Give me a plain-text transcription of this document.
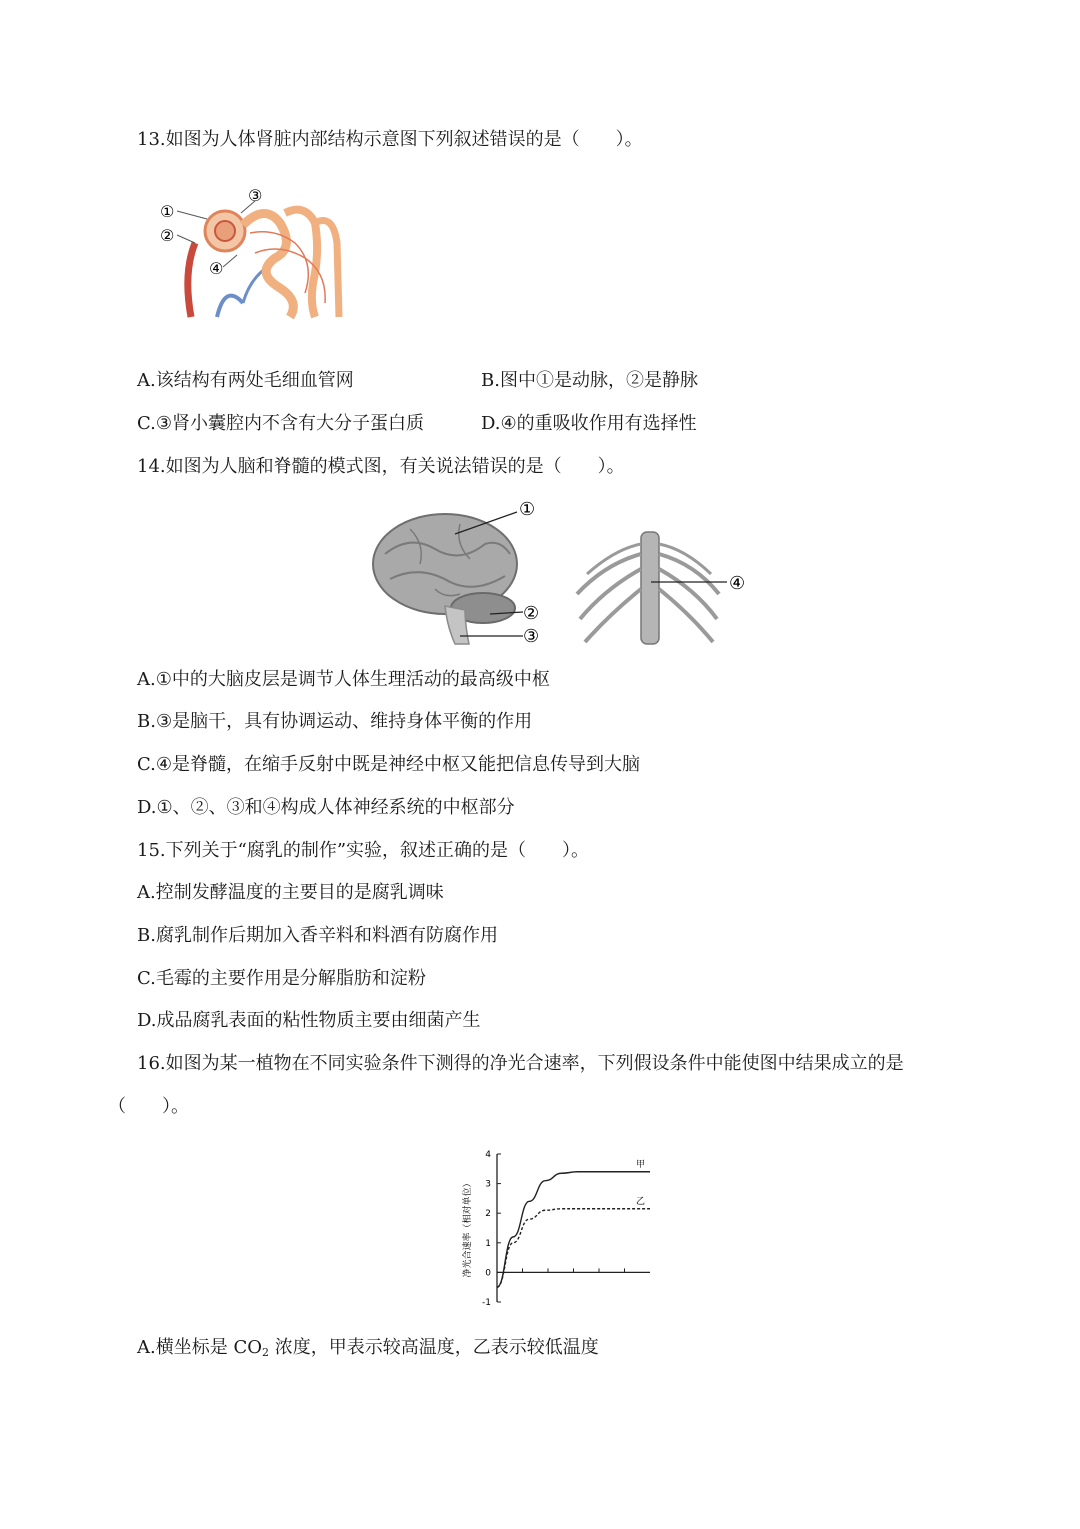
13.如图为人体肾脏内部结构示意图下列叙述错误的是（　　）。
①
②
③
④
A.该结构有两处毛细血管网	B.图中①是动脉，②是静脉
C.③肾小囊腔内不含有大分子蛋白质	D.④的重吸收作用有选择性
14.如图为人脑和脊髓的模式图，有关说法错误的是（　　）。
①
②
③
④
A.①中的大脑皮层是调节人体生理活动的最高级中枢
B.③是脑干，具有协调运动、维持身体平衡的作用
C.④是脊髓，在缩手反射中既是神经中枢又能把信息传导到大脑
D.①、②、③和④构成人体神经系统的中枢部分
15.下列关于“腐乳的制作”实验，叙述正确的是（　　）。
A.控制发酵温度的主要目的是腐乳调味
B.腐乳制作后期加入香辛料和料酒有防腐作用
C.毛霉的主要作用是分解脂肪和淀粉
D.成品腐乳表面的粘性物质主要由细菌产生
16.如图为某一植物在不同实验条件下测得的净光合速率，下列假设条件中能使图中结果成立的是
（　　）。
净光合速率（相对单位）
4
3
2
1
0
-1
甲
乙
A.横坐标是 $CO_2$ 浓度，甲表示较高温度，乙表示较低温度
